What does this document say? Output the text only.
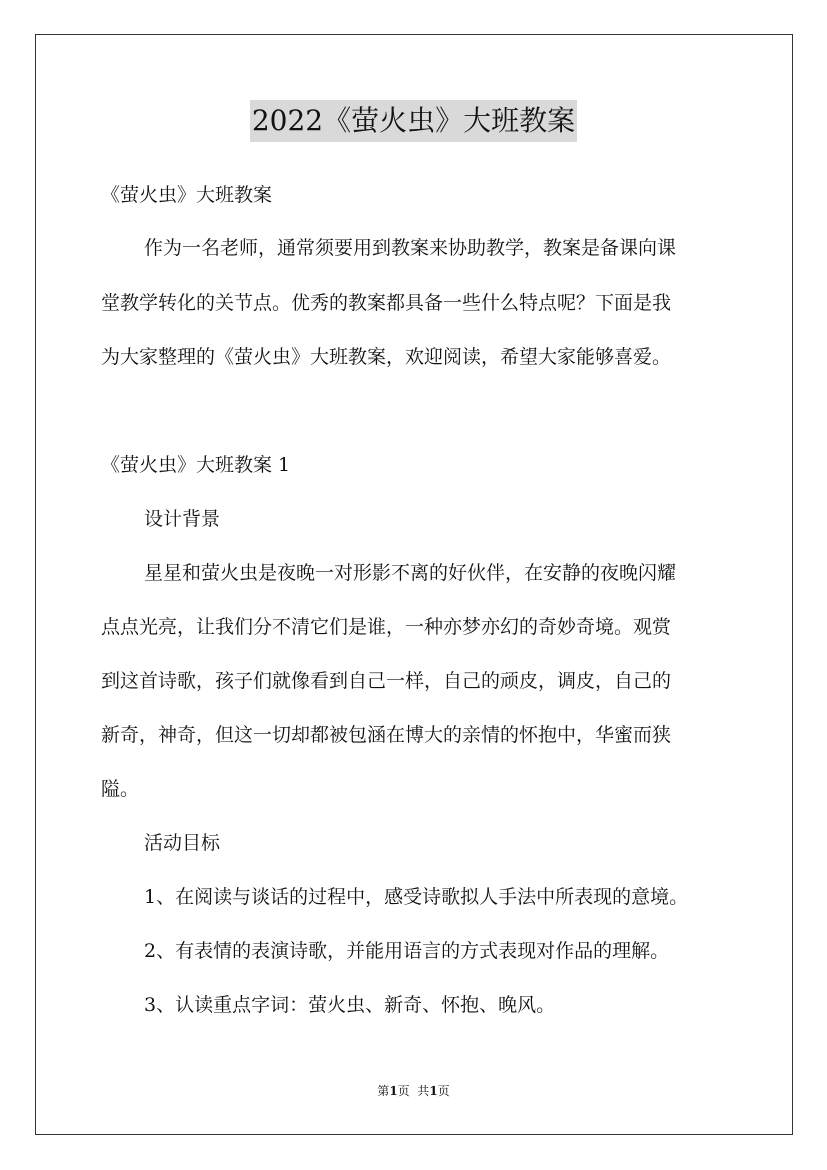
2022《萤火虫》大班教案
《萤火虫》大班教案
作为一名老师，通常须要用到教案来协助教学，教案是备课向课
堂教学转化的关节点。优秀的教案都具备一些什么特点呢？下面是我
为大家整理的《萤火虫》大班教案，欢迎阅读，希望大家能够喜爱。
《萤火虫》大班教案 1
设计背景
星星和萤火虫是夜晚一对形影不离的好伙伴，在安静的夜晚闪耀
点点光亮，让我们分不清它们是谁，一种亦梦亦幻的奇妙奇境。观赏
到这首诗歌，孩子们就像看到自己一样，自己的顽皮，调皮，自己的
新奇，神奇，但这一切却都被包涵在博大的亲情的怀抱中，华蜜而狭
隘。
活动目标
1、在阅读与谈话的过程中，感受诗歌拟人手法中所表现的意境。
2、有表情的表演诗歌，并能用语言的方式表现对作品的理解。
3、认读重点字词：萤火虫、新奇、怀抱、晚风。
第1页  共1页
